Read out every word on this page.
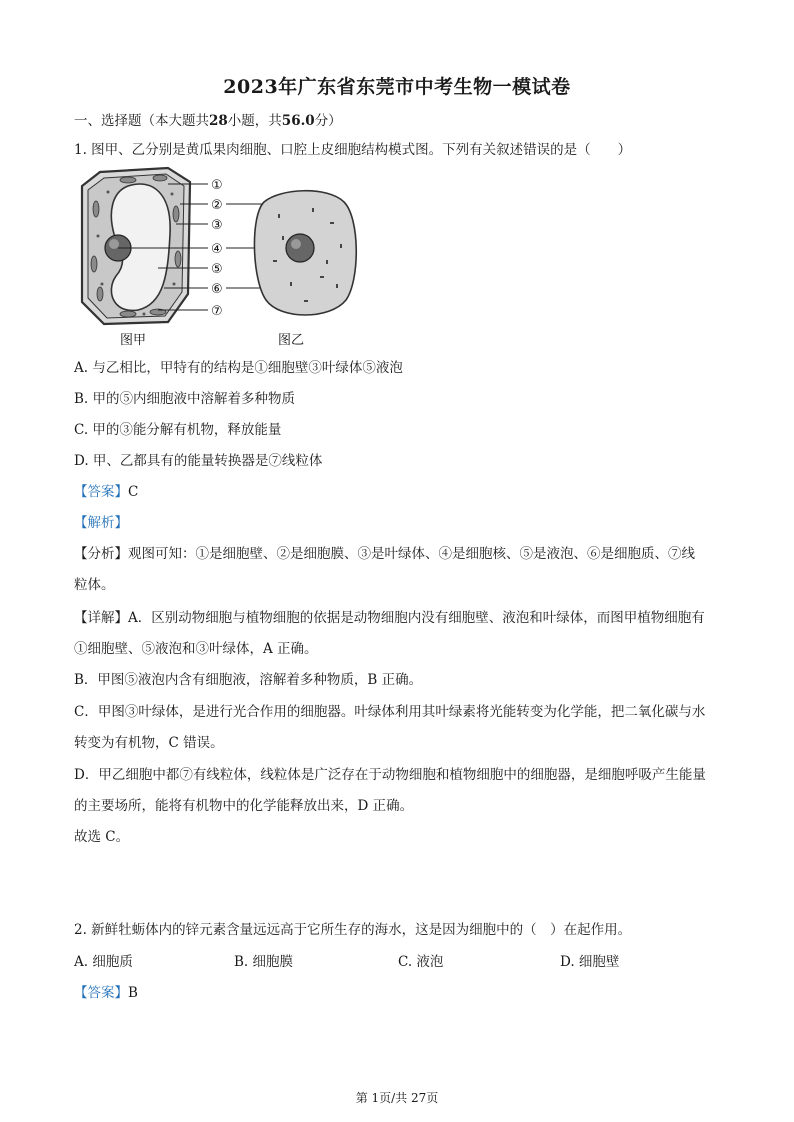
2023年广东省东莞市中考生物一模试卷
一、选择题（本大题共28小题，共56.0分）
1. 图甲、乙分别是黄瓜果肉细胞、口腔上皮细胞结构模式图。下列有关叙述错误的是（　　）
①
②
③
④
⑤
⑥
⑦
图甲	图乙
A. 与乙相比，甲特有的结构是①细胞壁③叶绿体⑤液泡
B. 甲的⑤内细胞液中溶解着多种物质
C. 甲的③能分解有机物，释放能量
D. 甲、乙都具有的能量转换器是⑦线粒体
【答案】C
【解析】
【分析】观图可知：①是细胞壁、②是细胞膜、③是叶绿体、④是细胞核、⑤是液泡、⑥是细胞质、⑦线
粒体。
【详解】A．区别动物细胞与植物细胞的依据是动物细胞内没有细胞壁、液泡和叶绿体，而图甲植物细胞有
①细胞壁、⑤液泡和③叶绿体，A 正确。
B．甲图⑤液泡内含有细胞液，溶解着多种物质，B 正确。
C．甲图③叶绿体，是进行光合作用的细胞器。叶绿体利用其叶绿素将光能转变为化学能，把二氧化碳与水
转变为有机物，C 错误。
D．甲乙细胞中都⑦有线粒体，线粒体是广泛存在于动物细胞和植物细胞中的细胞器，是细胞呼吸产生能量
的主要场所，能将有机物中的化学能释放出来，D 正确。
故选 C。
2. 新鲜牡蛎体内的锌元素含量远远高于它所生存的海水，这是因为细胞中的（　）在起作用。
A. 细胞质	B. 细胞膜	C. 液泡	D. 细胞壁
【答案】B
第 1页/共 27页
